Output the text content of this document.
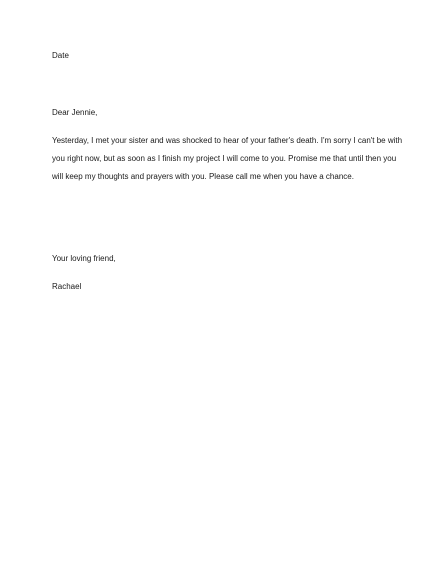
Date
Dear Jennie,
Yesterday, I met your sister and was shocked to hear of your father's death. I'm sorry I can't be with
you right now, but as soon as I finish my project I will come to you. Promise me that until then you
will keep my thoughts and prayers with you. Please call me when you have a chance.
Your loving friend,
Rachael
